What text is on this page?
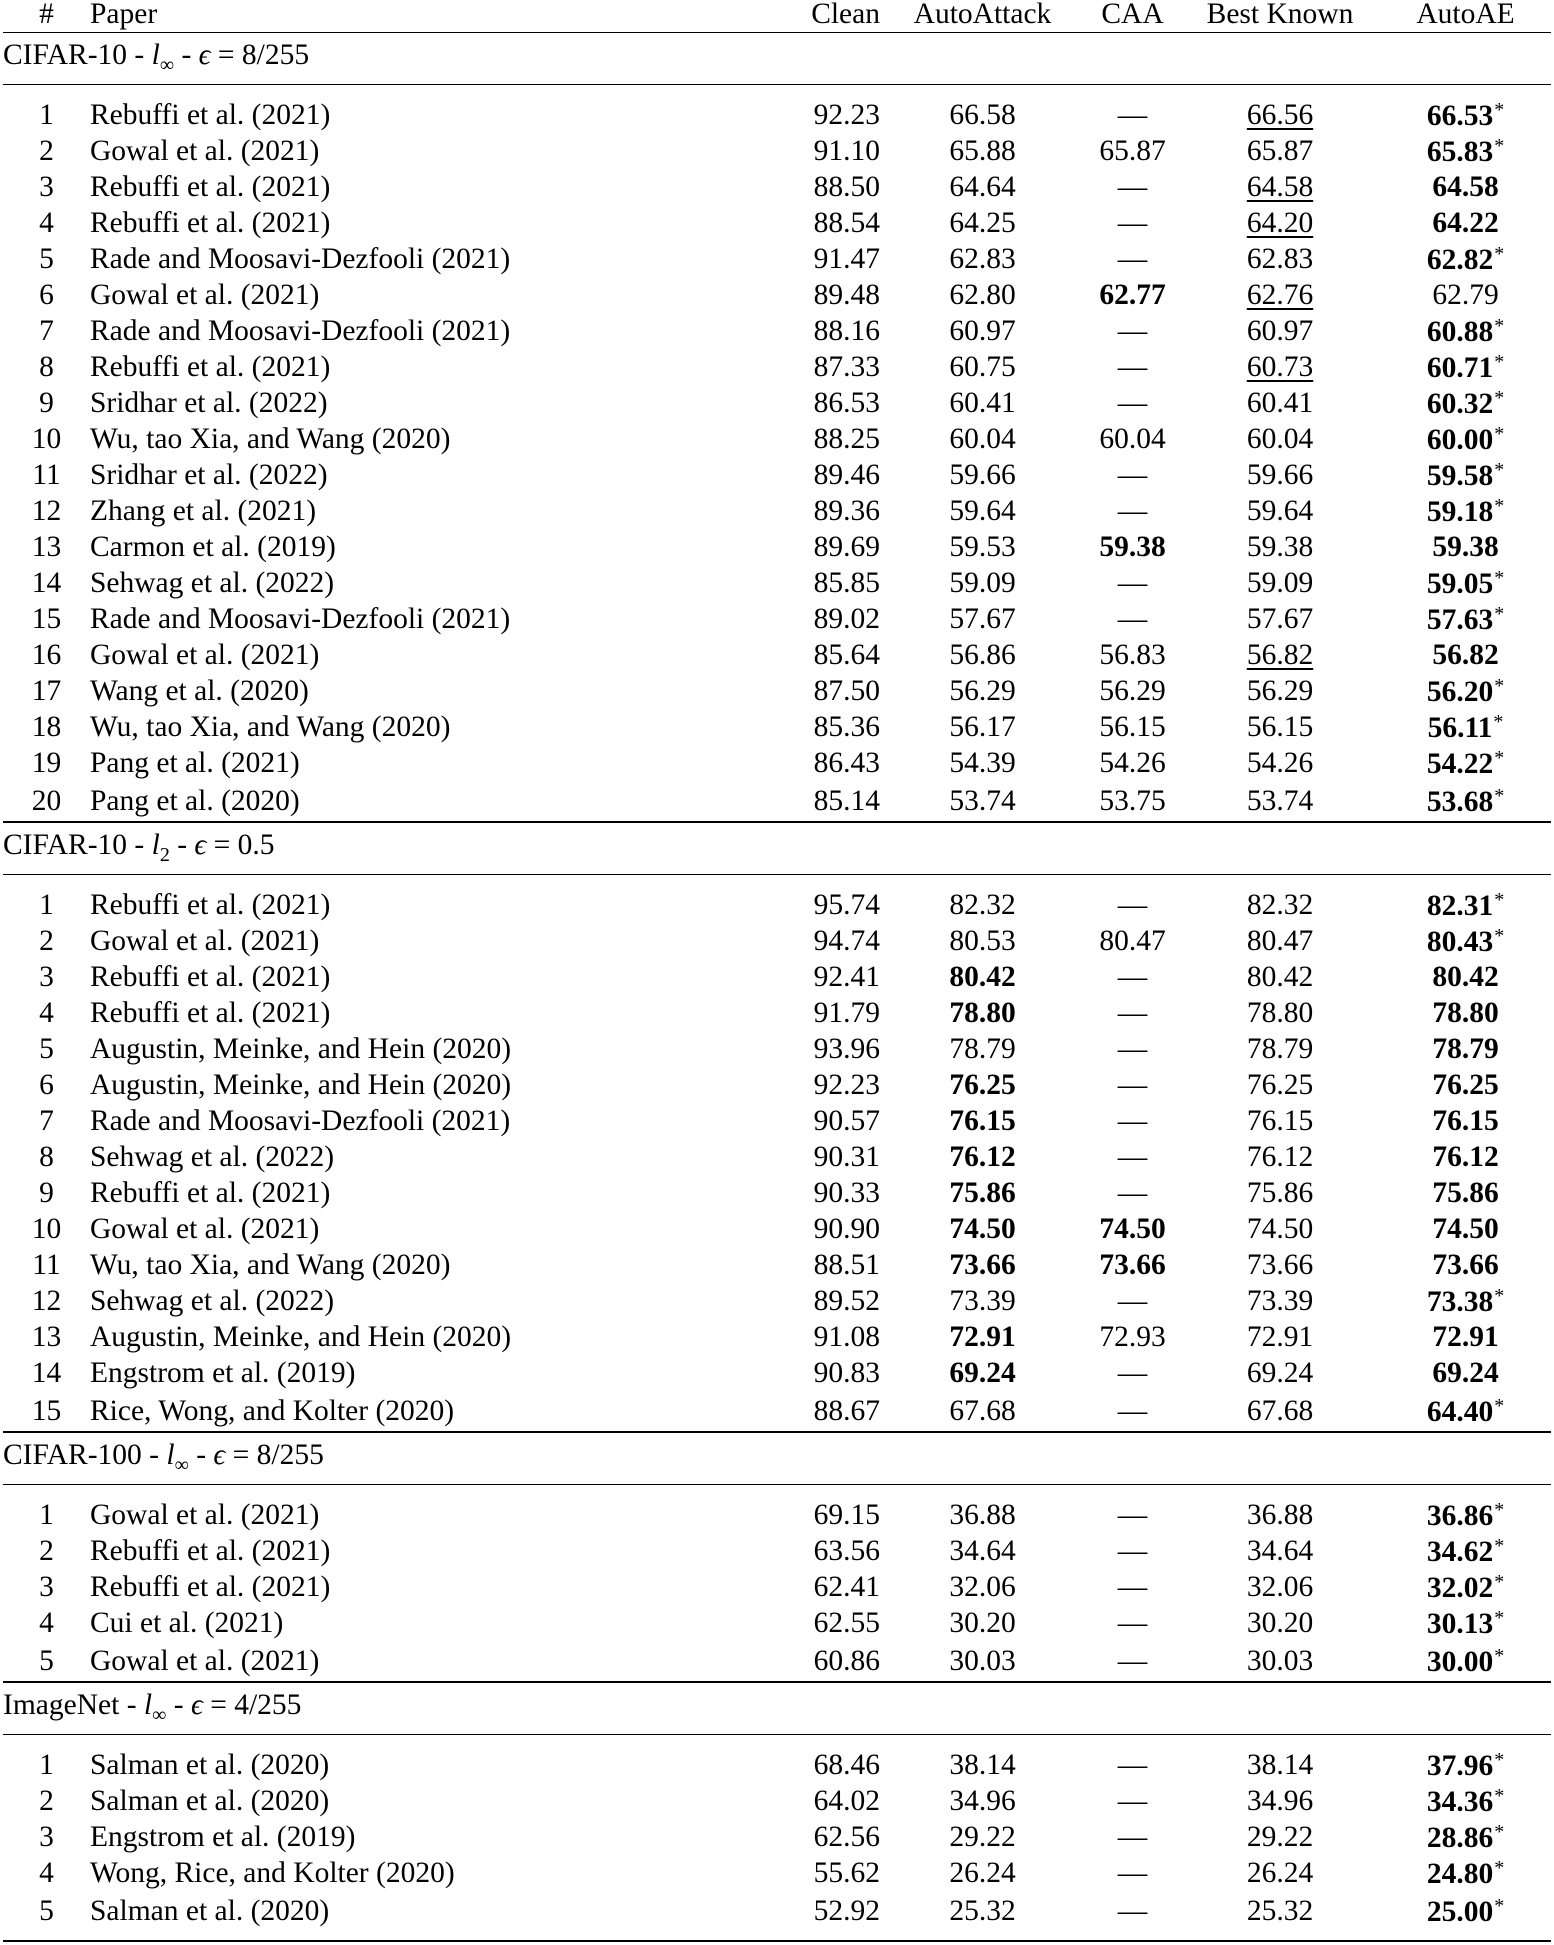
#	Paper	Clean	AutoAttack	CAA	Best Known	AutoAE
CIFAR-10 - $l_\infty - \epsilon = 8/255$						

1	Rebuffi et al. (2021)	92.23	66.58	—	66.56	66.53*
2	Gowal et al. (2021)	91.10	65.88	65.87	65.87	65.83*
3	Rebuffi et al. (2021)	88.50	64.64	—	64.58	64.58
4	Rebuffi et al. (2021)	88.54	64.25	—	64.20	64.22
5	Rade and Moosavi-Dezfooli (2021)	91.47	62.83	—	62.83	62.82*
6	Gowal et al. (2021)	89.48	62.80	62.77	62.76	62.79
7	Rade and Moosavi-Dezfooli (2021)	88.16	60.97	—	60.97	60.88*
8	Rebuffi et al. (2021)	87.33	60.75	—	60.73	60.71*
9	Sridhar et al. (2022)	86.53	60.41	—	60.41	60.32*
10	Wu, tao Xia, and Wang (2020)	88.25	60.04	60.04	60.04	60.00*
11	Sridhar et al. (2022)	89.46	59.66	—	59.66	59.58*
12	Zhang et al. (2021)	89.36	59.64	—	59.64	59.18*
13	Carmon et al. (2019)	89.69	59.53	59.38	59.38	59.38
14	Sehwag et al. (2022)	85.85	59.09	—	59.09	59.05*
15	Rade and Moosavi-Dezfooli (2021)	89.02	57.67	—	57.67	57.63*
16	Gowal et al. (2021)	85.64	56.86	56.83	56.82	56.82
17	Wang et al. (2020)	87.50	56.29	56.29	56.29	56.20*
18	Wu, tao Xia, and Wang (2020)	85.36	56.17	56.15	56.15	56.11*
19	Pang et al. (2021)	86.43	54.39	54.26	54.26	54.22*
20	Pang et al. (2020)	85.14	53.74	53.75	53.74	53.68*
CIFAR-10 - $l_2 - \epsilon = 0.5$						

1	Rebuffi et al. (2021)	95.74	82.32	—	82.32	82.31*
2	Gowal et al. (2021)	94.74	80.53	80.47	80.47	80.43*
3	Rebuffi et al. (2021)	92.41	80.42	—	80.42	80.42
4	Rebuffi et al. (2021)	91.79	78.80	—	78.80	78.80
5	Augustin, Meinke, and Hein (2020)	93.96	78.79	—	78.79	78.79
6	Augustin, Meinke, and Hein (2020)	92.23	76.25	—	76.25	76.25
7	Rade and Moosavi-Dezfooli (2021)	90.57	76.15	—	76.15	76.15
8	Sehwag et al. (2022)	90.31	76.12	—	76.12	76.12
9	Rebuffi et al. (2021)	90.33	75.86	—	75.86	75.86
10	Gowal et al. (2021)	90.90	74.50	74.50	74.50	74.50
11	Wu, tao Xia, and Wang (2020)	88.51	73.66	73.66	73.66	73.66
12	Sehwag et al. (2022)	89.52	73.39	—	73.39	73.38*
13	Augustin, Meinke, and Hein (2020)	91.08	72.91	72.93	72.91	72.91
14	Engstrom et al. (2019)	90.83	69.24	—	69.24	69.24
15	Rice, Wong, and Kolter (2020)	88.67	67.68	—	67.68	64.40*
CIFAR-100 - $l_\infty - \epsilon = 8/255$						

1	Gowal et al. (2021)	69.15	36.88	—	36.88	36.86*
2	Rebuffi et al. (2021)	63.56	34.64	—	34.64	34.62*
3	Rebuffi et al. (2021)	62.41	32.06	—	32.06	32.02*
4	Cui et al. (2021)	62.55	30.20	—	30.20	30.13*
5	Gowal et al. (2021)	60.86	30.03	—	30.03	30.00*
ImageNet - $l_\infty - \epsilon = 4/255$						

1	Salman et al. (2020)	68.46	38.14	—	38.14	37.96*
2	Salman et al. (2020)	64.02	34.96	—	34.96	34.36*
3	Engstrom et al. (2019)	62.56	29.22	—	29.22	28.86*
4	Wong, Rice, and Kolter (2020)	55.62	26.24	—	26.24	24.80*
5	Salman et al. (2020)	52.92	25.32	—	25.32	25.00*
